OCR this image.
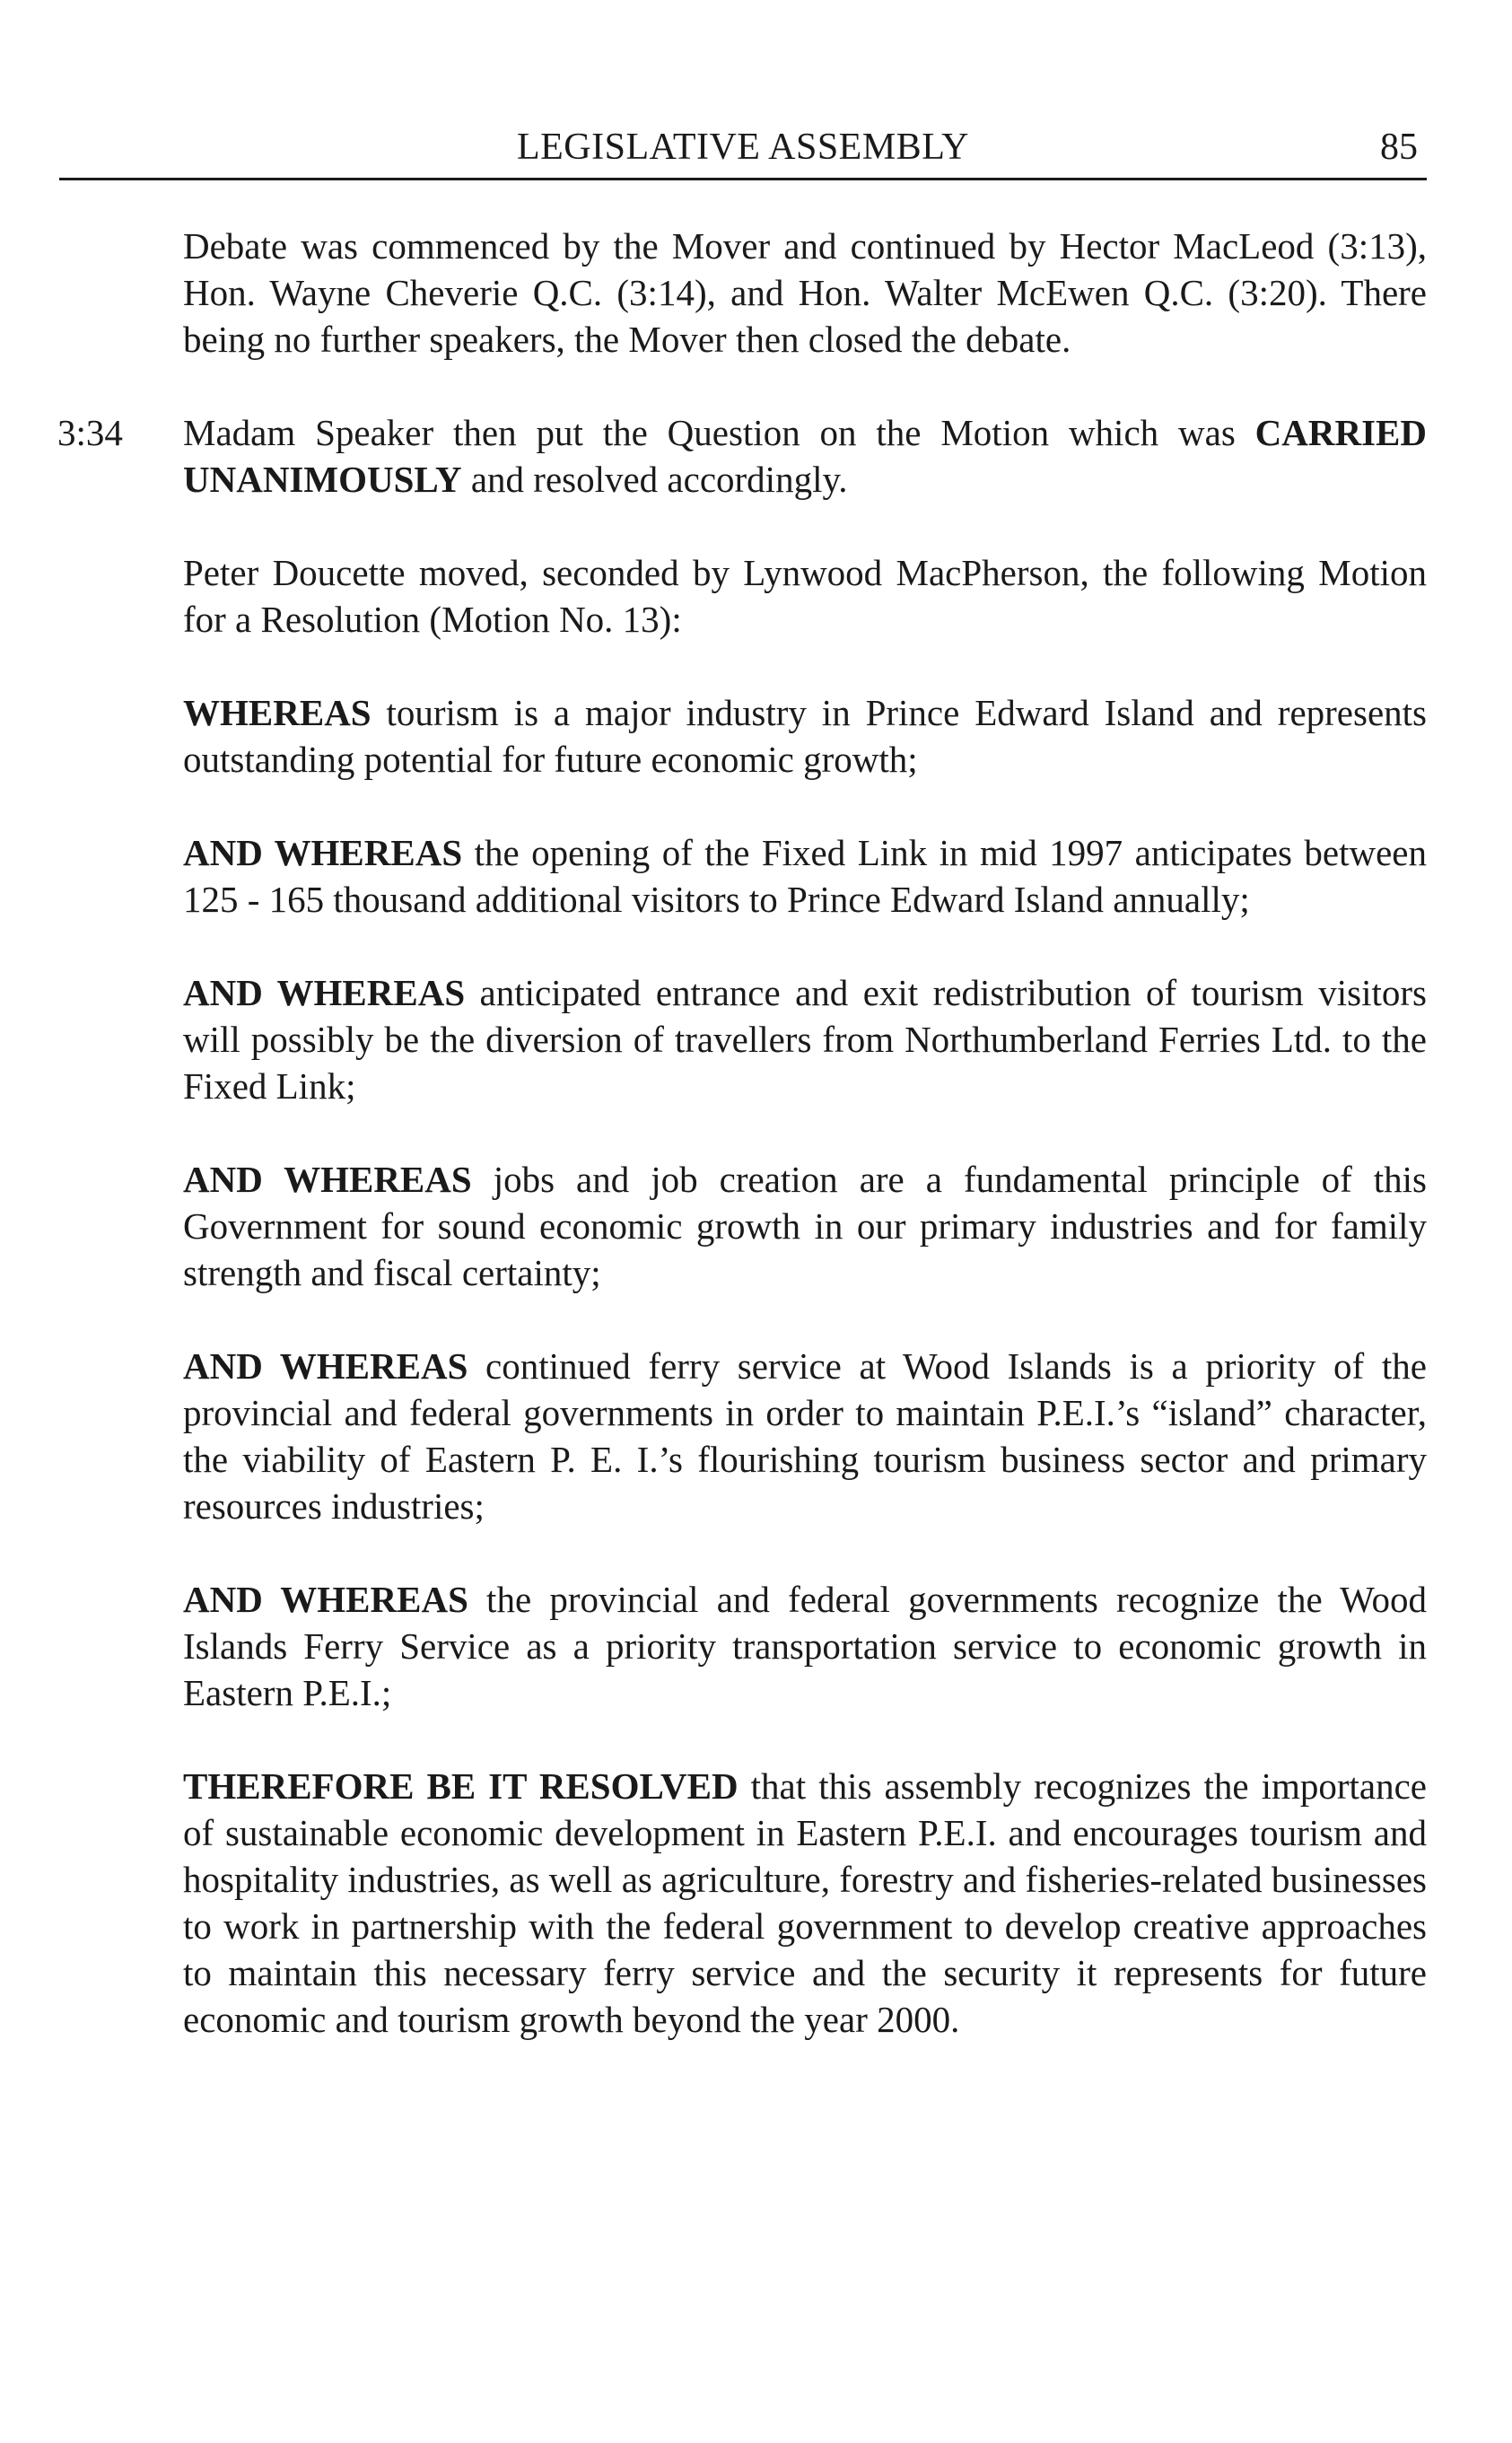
LEGISLATIVE ASSEMBLY	85

Debate was commenced by the Mover and continued by Hector MacLeod (3:13), Hon. Wayne Cheverie Q.C. (3:14), and Hon. Walter McEwen Q.C. (3:20). There being no further speakers, the Mover then closed the debate.

3:34 Madam Speaker then put the Question on the Motion which was CARRIED UNANIMOUSLY and resolved accordingly.

Peter Doucette moved, seconded by Lynwood MacPherson, the following Motion for a Resolution (Motion No. 13):

WHEREAS tourism is a major industry in Prince Edward Island and represents outstanding potential for future economic growth;

AND WHEREAS the opening of the Fixed Link in mid 1997 anticipates between 125 - 165 thousand additional visitors to Prince Edward Island annually;

AND WHEREAS anticipated entrance and exit redistribution of tourism visitors will possibly be the diversion of travellers from Northumberland Ferries Ltd. to the Fixed Link;

AND WHEREAS jobs and job creation are a fundamental principle of this Government for sound economic growth in our primary industries and for family strength and fiscal certainty;

AND WHEREAS continued ferry service at Wood Islands is a priority of the provincial and federal governments in order to maintain P.E.I.’s “island” character, the viability of Eastern P. E. I.’s flourishing tourism business sector and primary resources industries;

AND WHEREAS the provincial and federal governments recognize the Wood Islands Ferry Service as a priority transportation service to economic growth in Eastern P.E.I.;

THEREFORE BE IT RESOLVED that this assembly recognizes the importance of sustainable economic development in Eastern P.E.I. and encourages tourism and hospitality industries, as well as agriculture, forestry and fisheries-related businesses to work in partnership with the federal government to develop creative approaches to maintain this necessary ferry service and the security it represents for future economic and tourism growth beyond the year 2000.
